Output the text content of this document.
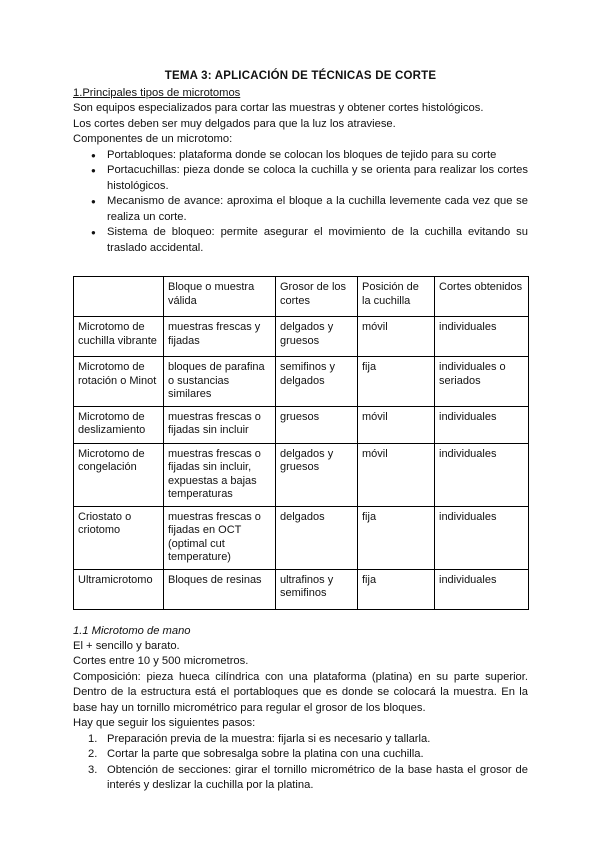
TEMA 3: APLICACIÓN DE TÉCNICAS DE CORTE
1.Principales tipos de microtomos

Son equipos especializados para cortar las muestras y obtener cortes histológicos.

Los cortes deben ser muy delgados para que la luz los atraviese.

Componentes de un microtomo:

● Portabloques: plataforma donde se colocan los bloques de tejido para su corte
● Portacuchillas: pieza donde se coloca la cuchilla y se orienta para realizar los cortes histológicos.
● Mecanismo de avance: aproxima el bloque a la cuchilla levemente cada vez que se realiza un corte.
● Sistema de bloqueo: permite asegurar el movimiento de la cuchilla evitando su traslado accidental.
	Bloque o muestra válida	Grosor de los cortes	Posición de la cuchilla	Cortes obtenidos
Microtomo de cuchilla vibrante	muestras frescas y fijadas	delgados y gruesos	móvil	individuales
Microtomo de rotación o Minot	bloques de parafina o sustancias similares	semifinos y delgados	fija	individuales o seriados
Microtomo de deslizamiento	muestras frescas o fijadas sin incluir	gruesos	móvil	individuales
Microtomo de congelación	muestras frescas o fijadas sin incluir, expuestas a bajas temperaturas	delgados y gruesos	móvil	individuales
Criostato o criotomo	muestras frescas o fijadas en OCT (optimal cut temperature)	delgados	fija	individuales
Ultramicrotomo	Bloques de resinas	ultrafinos y semifinos	fija	individuales
1.1 Microtomo de mano

El + sencillo y barato.

Cortes entre 10 y 500 micrometros.

Composición: pieza hueca cilíndrica con una plataforma (platina) en su parte superior. Dentro de la estructura está el portabloques que es donde se colocará la muestra. En la base hay un tornillo micrométrico para regular el grosor de los bloques.

Hay que seguir los siguientes pasos:

1. Preparación previa de la muestra: fijarla si es necesario y tallarla.
2. Cortar la parte que sobresalga sobre la platina con una cuchilla.
3. Obtención de secciones: girar el tornillo micrométrico de la base hasta el grosor de interés y deslizar la cuchilla por la platina.
